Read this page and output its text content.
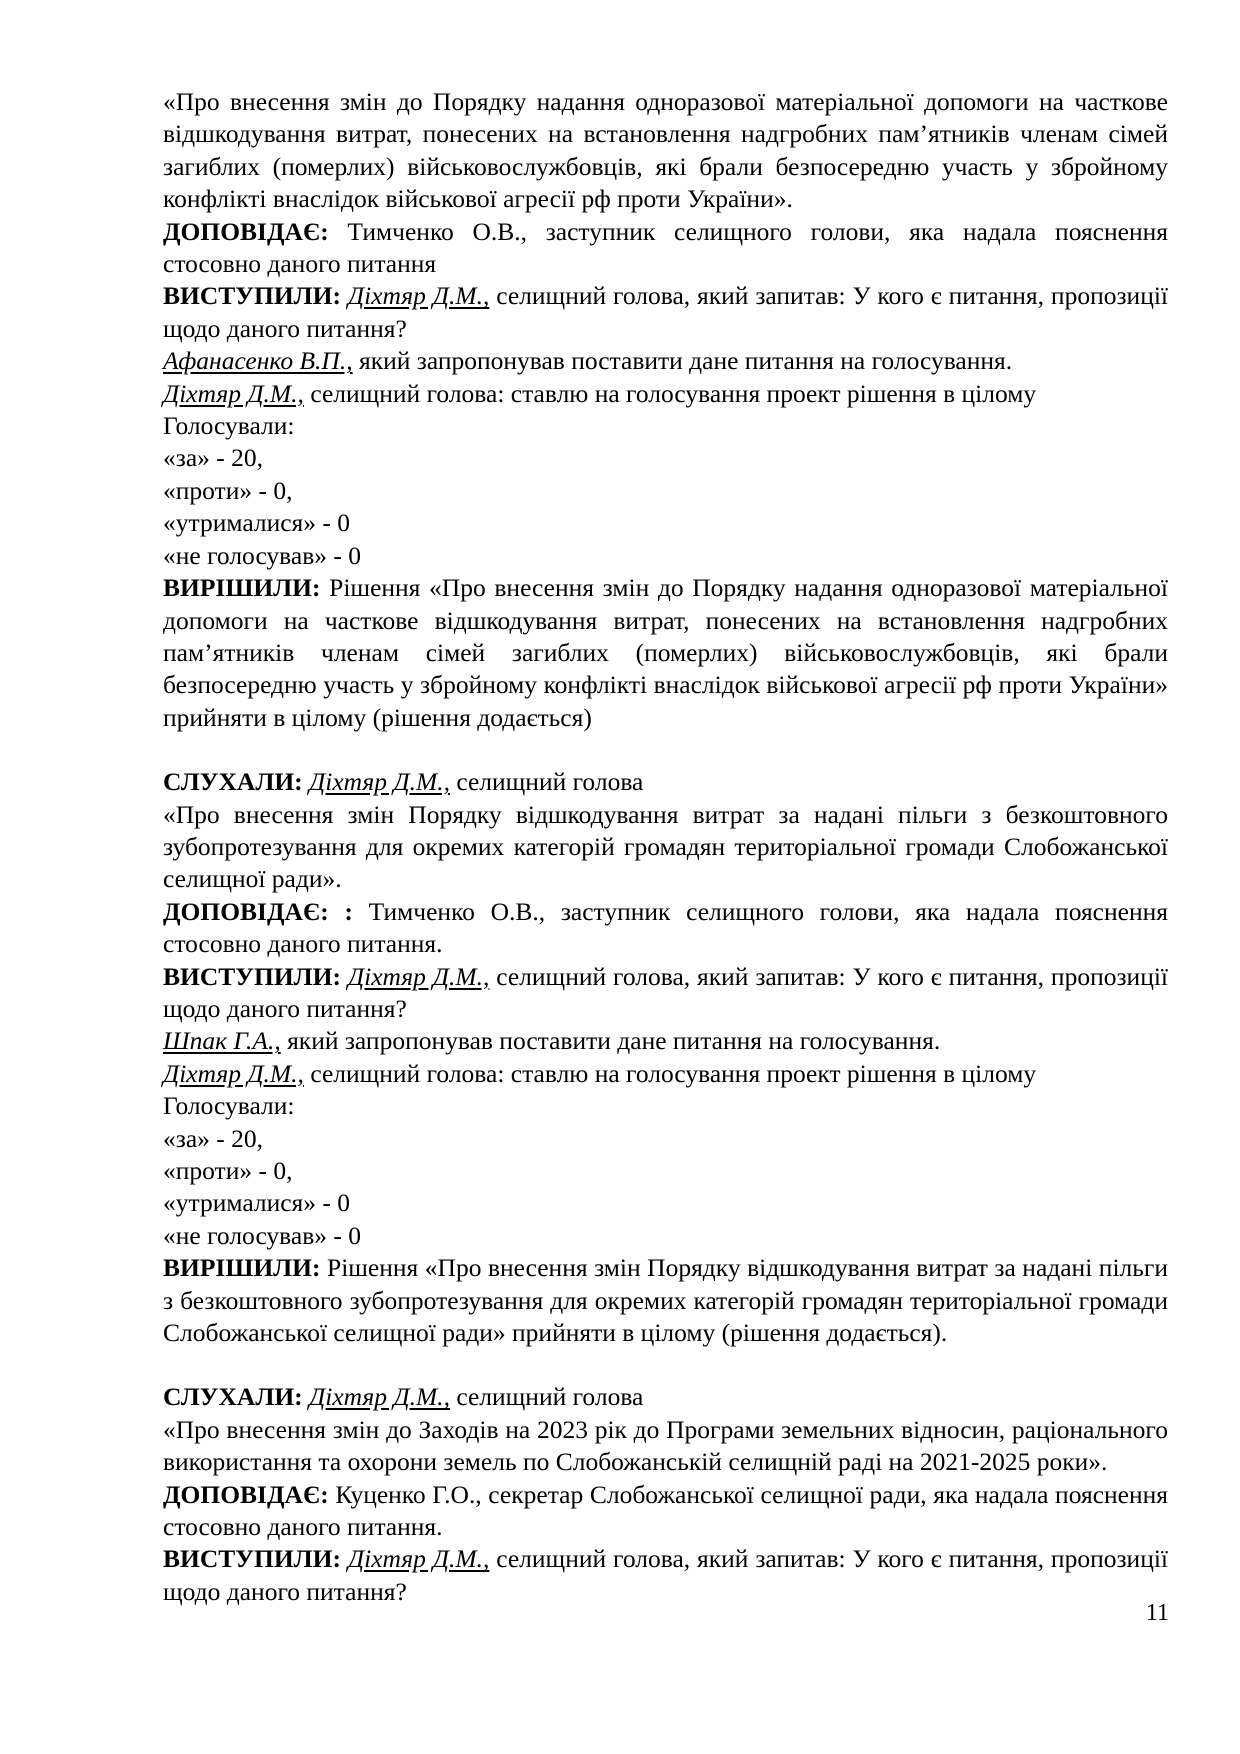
«Про внесення змін до Порядку надання одноразової матеріальної допомоги на часткове відшкодування витрат, понесених на встановлення надгробних пам’ятників членам сімей загиблих (померлих) військовослужбовців, які брали безпосередню участь у збройному конфлікті внаслідок військової агресії рф проти України».

ДОПОВІДАЄ: Тимченко О.В., заступник селищного голови, яка надала пояснення стосовно даного питання

ВИСТУПИЛИ: Діхтяр Д.М., селищний голова, який запитав: У кого є питання, пропозиції щодо даного питання?

Афанасенко В.П., який запропонував поставити дане питання на голосування.

Діхтяр Д.М., селищний голова: ставлю на голосування проект рішення в цілому

Голосували:

«за» - 20,

«проти» - 0,

«утрималися» - 0

«не голосував» - 0

ВИРІШИЛИ: Рішення «Про внесення змін до Порядку надання одноразової матеріальної допомоги на часткове відшкодування витрат, понесених на встановлення надгробних пам’ятників членам сімей загиблих (померлих) військовослужбовців, які брали безпосередню участь у збройному конфлікті внаслідок військової агресії рф проти України» прийняти в цілому (рішення додається)

СЛУХАЛИ: Діхтяр Д.М., селищний голова

«Про внесення змін Порядку відшкодування витрат за надані пільги з безкоштовного зубопротезування для окремих категорій громадян територіальної громади Слобожанської селищної ради».

ДОПОВІДАЄ: : Тимченко О.В., заступник селищного голови, яка надала пояснення стосовно даного питання.

ВИСТУПИЛИ: Діхтяр Д.М., селищний голова, який запитав: У кого є питання, пропозиції щодо даного питання?

Шпак Г.А., який запропонував поставити дане питання на голосування.

Діхтяр Д.М., селищний голова: ставлю на голосування проект рішення в цілому

Голосували:

«за» - 20,

«проти» - 0,

«утрималися» - 0

«не голосував» - 0

ВИРІШИЛИ: Рішення «Про внесення змін Порядку відшкодування витрат за надані пільги з безкоштовного зубопротезування для окремих категорій громадян територіальної громади Слобожанської селищної ради» прийняти в цілому (рішення додається).

СЛУХАЛИ: Діхтяр Д.М., селищний голова

«Про внесення змін до Заходів на 2023 рік до Програми земельних відносин, раціонального використання та охорони земель по Слобожанській селищній раді на 2021-2025 роки».

ДОПОВІДАЄ: Куценко Г.О., секретар Слобожанської селищної ради, яка надала пояснення стосовно даного питання.

ВИСТУПИЛИ: Діхтяр Д.М., селищний голова, який запитав: У кого є питання, пропозиції щодо даного питання?

11
